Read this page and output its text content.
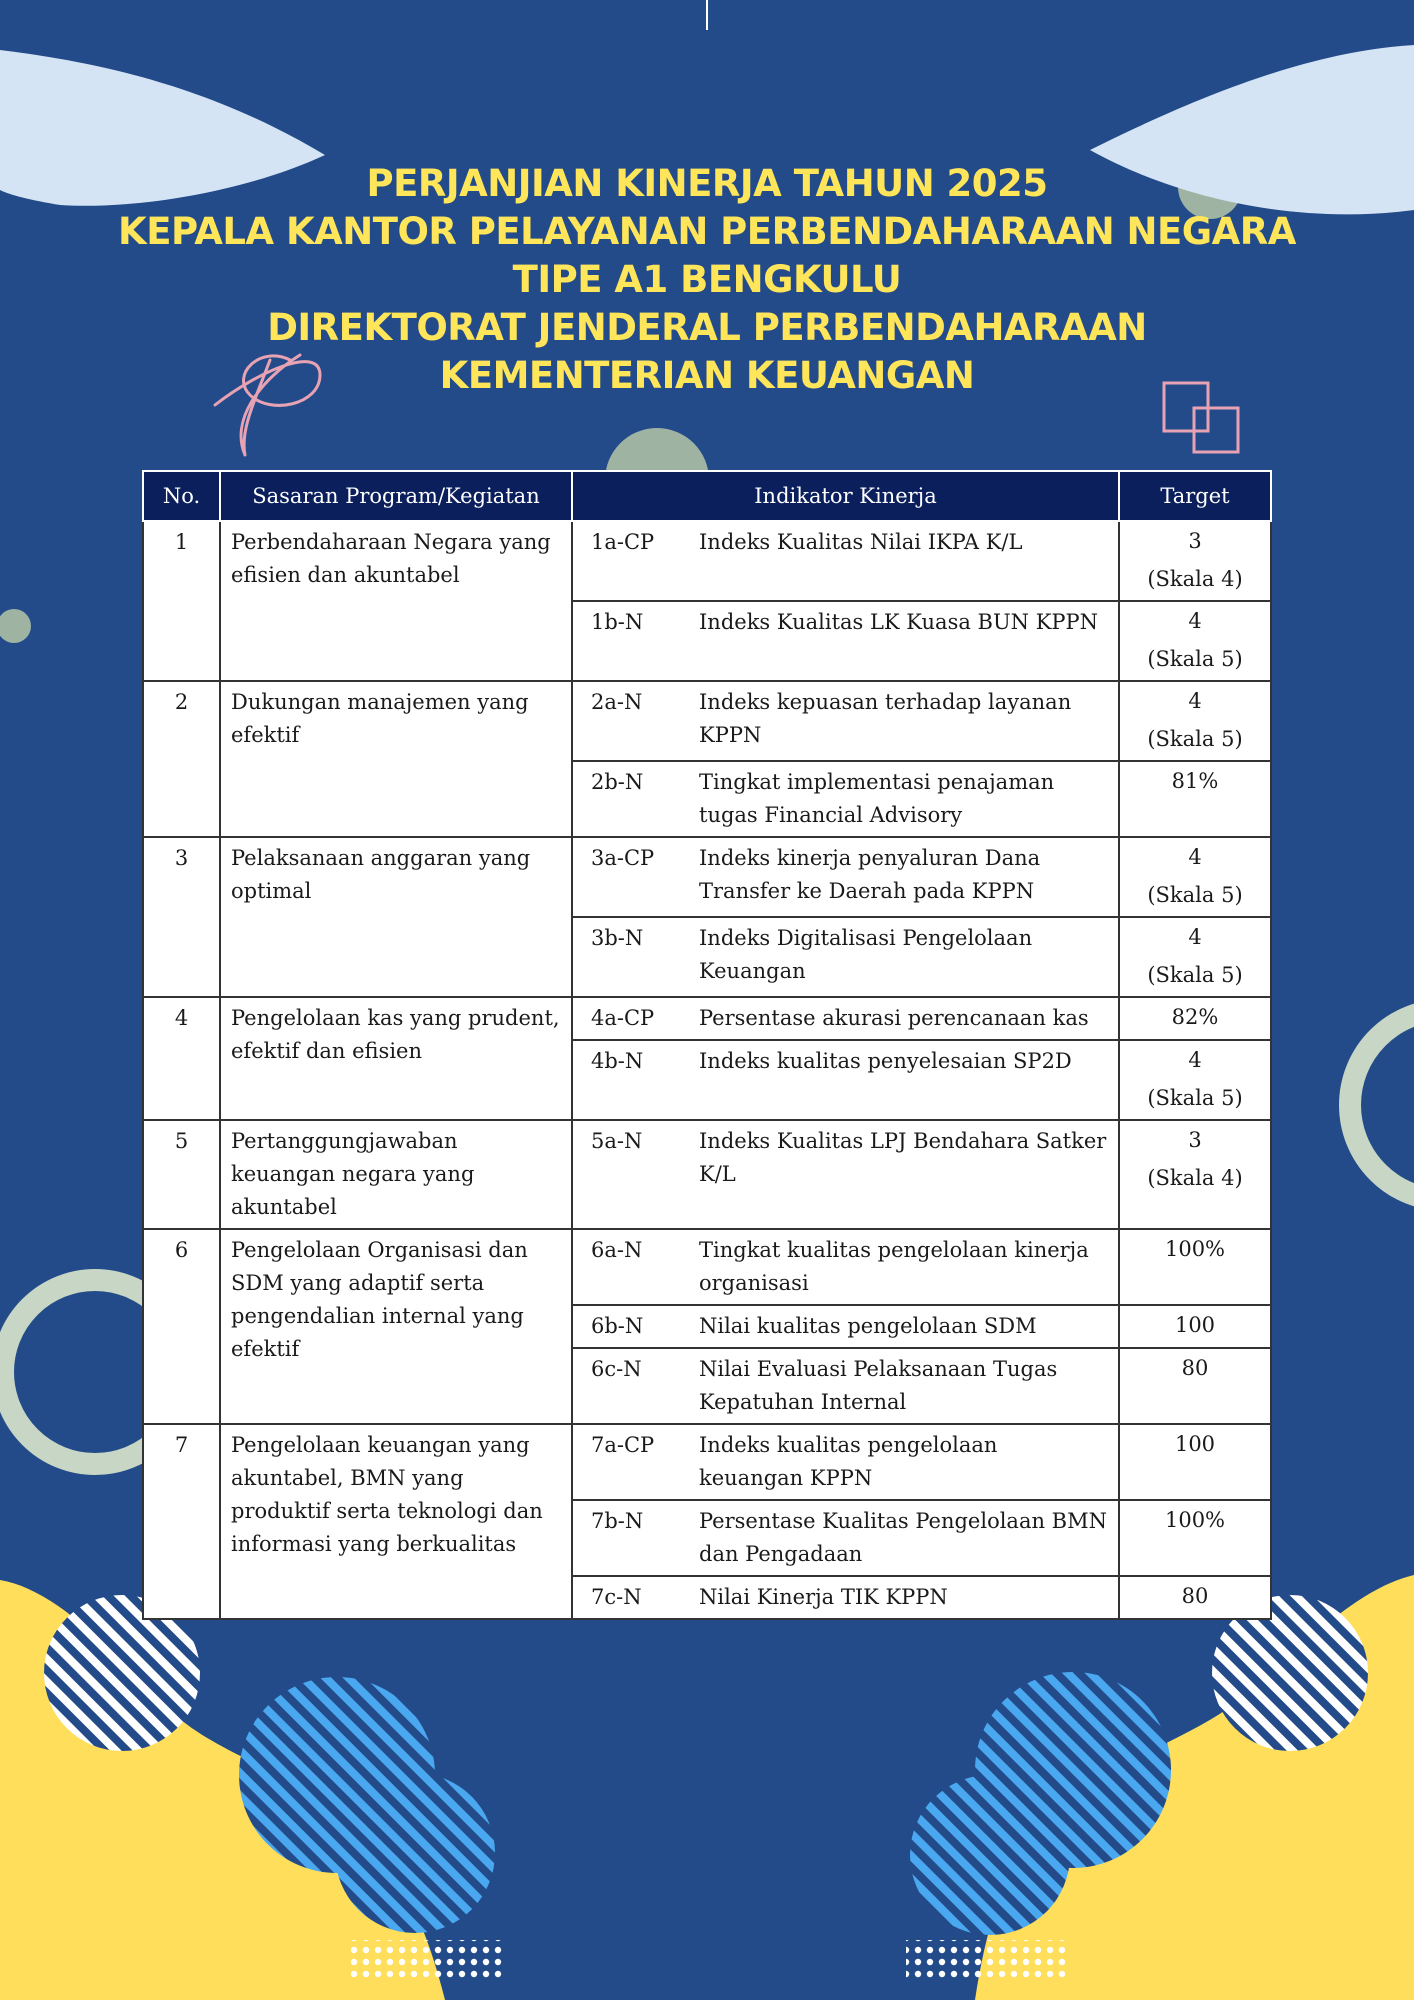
PERJANJIAN KINERJA TAHUN 2025
KEPALA KANTOR PELAYANAN PERBENDAHARAAN NEGARA
TIPE A1 BENGKULU
DIREKTORAT JENDERAL PERBENDAHARAAN
KEMENTERIAN KEUANGAN
No.	Sasaran Program/Kegiatan	Indikator Kinerja		Target
1	Perbendaharaan Negara yang efisien dan akuntabel	1a-CP	Indeks Kualitas Nilai IKPA K/L	3
(Skala 4)

		1b-N	Indeks Kualitas LK Kuasa BUN KPPN	4
(Skala 5)

2	Dukungan manajemen yang efektif	2a-N	Indeks kepuasan terhadap layanan KPPN	4
(Skala 5)

		2b-N	Tingkat implementasi penajaman tugas Financial Advisory	81%

3	Pelaksanaan anggaran yang optimal	3a-CP	Indeks kinerja penyaluran Dana Transfer ke Daerah pada KPPN	4
(Skala 5)

		3b-N	Indeks Digitalisasi Pengelolaan Keuangan	4
(Skala 5)

4	Pengelolaan kas yang prudent, efektif dan efisien	4a-CP	Persentase akurasi perencanaan kas	82%

		4b-N	Indeks kualitas penyelesaian SP2D	4
(Skala 5)

5	Pertanggungjawaban keuangan negara yang akuntabel	5a-N	Indeks Kualitas LPJ Bendahara Satker K/L	3
(Skala 4)

6	Pengelolaan Organisasi dan SDM yang adaptif serta pengendalian internal yang efektif	6a-N	Tingkat kualitas pengelolaan kinerja organisasi	100%

		6b-N	Nilai kualitas pengelolaan SDM	100

		6c-N	Nilai Evaluasi Pelaksanaan Tugas Kepatuhan Internal	80

7	Pengelolaan keuangan yang akuntabel, BMN yang produktif serta teknologi dan informasi yang berkualitas	7a-CP	Indeks kualitas pengelolaan keuangan KPPN	100

		7b-N	Persentase Kualitas Pengelolaan BMN dan Pengadaan	100%

		7c-N	Nilai Kinerja TIK KPPN	80
